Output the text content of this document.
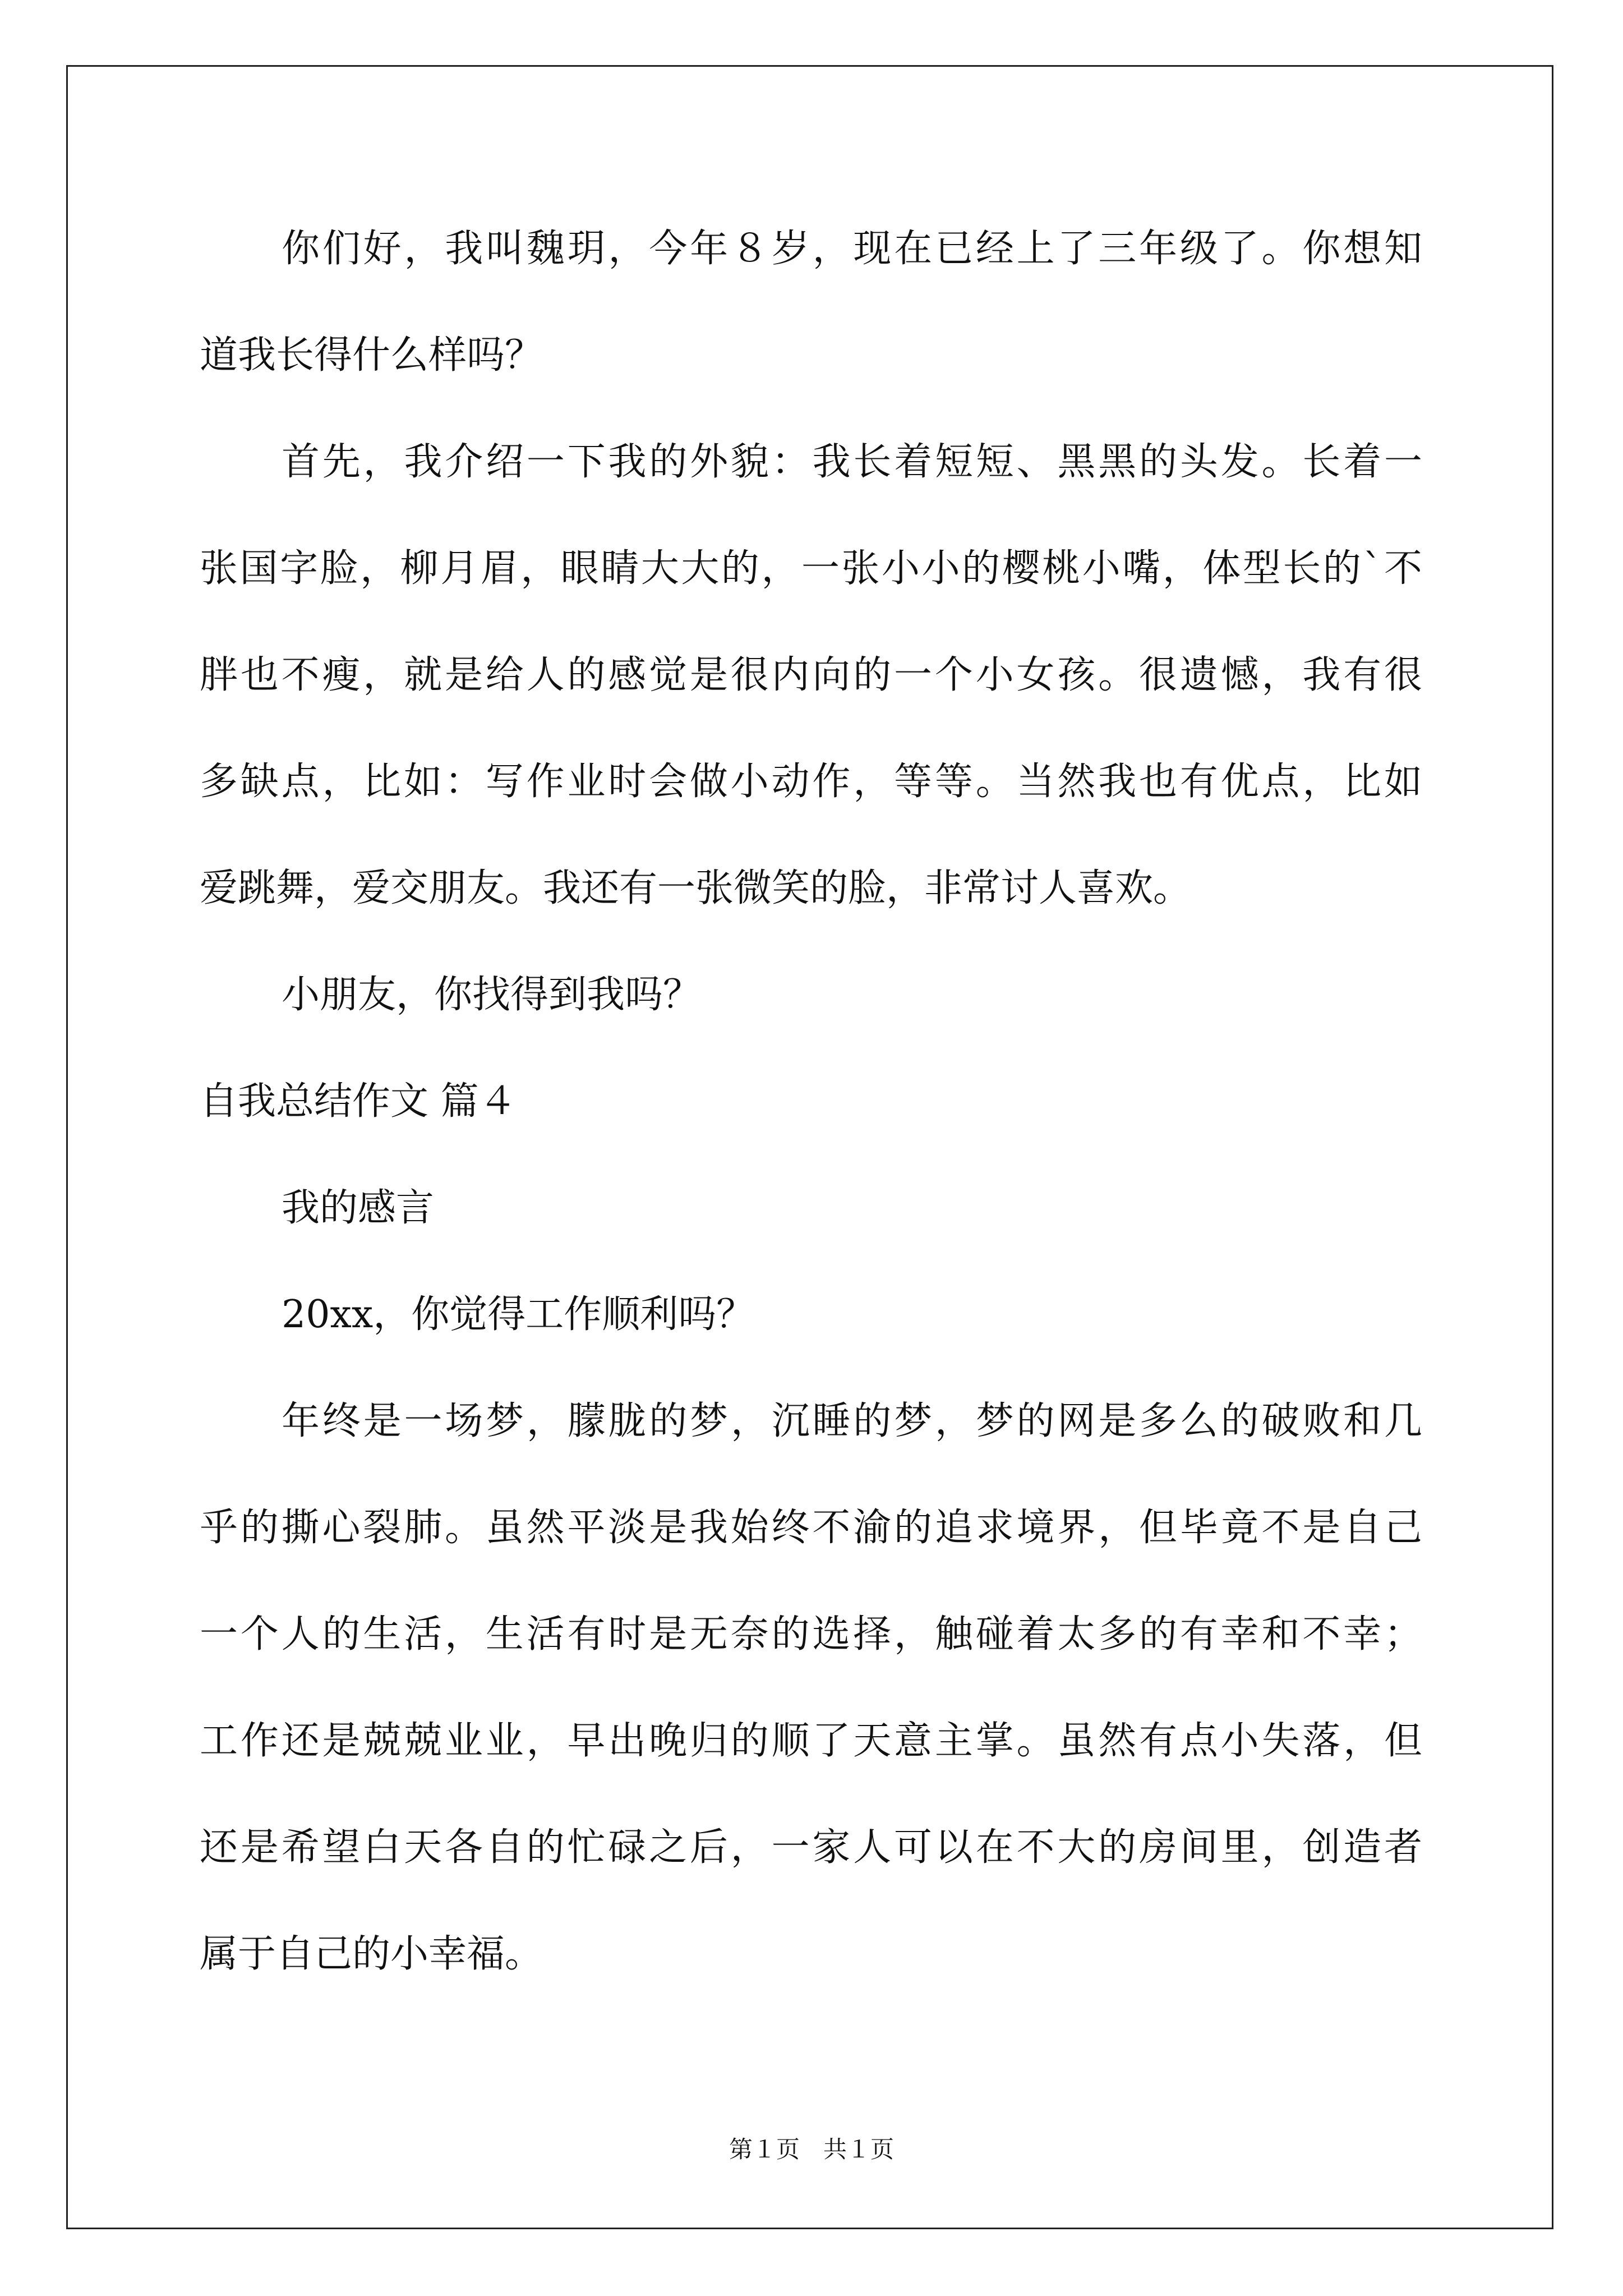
你们好，我叫魏玥，今年８岁，现在已经上了三年级了。你想知
道我长得什么样吗？
首先，我介绍一下我的外貌：我长着短短、黑黑的头发。长着一
张国字脸，柳月眉，眼睛大大的，一张小小的樱桃小嘴，体型长的`不
胖也不瘦，就是给人的感觉是很内向的一个小女孩。很遗憾，我有很
多缺点，比如：写作业时会做小动作，等等。当然我也有优点，比如
爱跳舞，爱交朋友。我还有一张微笑的脸，非常讨人喜欢。
小朋友，你找得到我吗？
自我总结作文 篇４
我的感言
20xx，你觉得工作顺利吗？
年终是一场梦，朦胧的梦，沉睡的梦，梦的网是多么的破败和几
乎的撕心裂肺。虽然平淡是我始终不渝的追求境界，但毕竟不是自己
一个人的生活，生活有时是无奈的选择，触碰着太多的有幸和不幸；
工作还是兢兢业业，早出晚归的顺了天意主掌。虽然有点小失落，但
还是希望白天各自的忙碌之后，一家人可以在不大的房间里，创造者
属于自己的小幸福。
第１页　共１页
